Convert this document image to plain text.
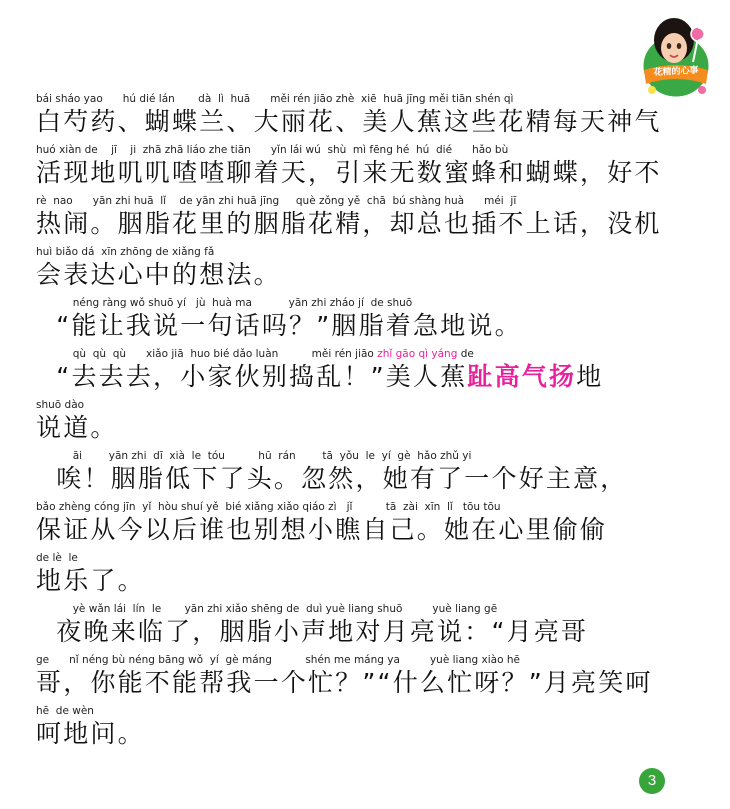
花精的心事
bái sháo yao      hú dié lán       dà  lì  huā      měi rén jiāo zhè  xiē  huā jīng měi tiān shén qì
白芍药、蝴蝶兰、大丽花、美人蕉这些花精每天神气
huó xiàn de    jī    ji  zhā zhā liáo zhe tiān      yǐn lái wú  shù  mì fēng hé  hú  dié      hǎo bù
活现地叽叽喳喳聊着天，引来无数蜜蜂和蝴蝶，好不
rè  nao      yān zhi huā  lǐ    de yān zhi huā jīng     què zǒng yě  chā  bú shàng huà      méi  jī
热闹。胭脂花里的胭脂花精，却总也插不上话，没机
huì biǎo dá  xīn zhōng de xiǎng fǎ
会表达心中的想法。
néng ràng wǒ shuō yí   jù  huà ma           yān zhi zháo jí  de shuō
“能让我说一句话吗？”胭脂着急地说。
qù  qù  qù      xiǎo jiā  huo bié dǎo luàn          měi rén jiāo zhǐ gāo qì yáng de
“去去去，小家伙别捣乱！”美人蕉趾高气扬地
shuō dào
说道。
āi        yān zhi  dī  xià  le  tóu          hū  rán        tā  yǒu  le  yí  gè  hǎo zhǔ yi
唉！胭脂低下了头。忽然，她有了一个好主意，
bǎo zhèng cóng jīn  yǐ  hòu shuí yě  bié xiǎng xiǎo qiáo zì   jǐ          tā  zài  xīn  lǐ   tōu tōu
保证从今以后谁也别想小瞧自己。她在心里偷偷
de lè  le
地乐了。
yè wǎn lái  lín  le       yān zhi xiǎo shēng de  duì yuè liang shuō         yuè liang gē
夜晚来临了，胭脂小声地对月亮说：“月亮哥
ge      nǐ néng bù néng bāng wǒ  yí  gè máng          shén me máng ya         yuè liang xiào hē
哥，你能不能帮我一个忙？”“什么忙呀？”月亮笑呵
hē  de wèn
呵地问。
3
